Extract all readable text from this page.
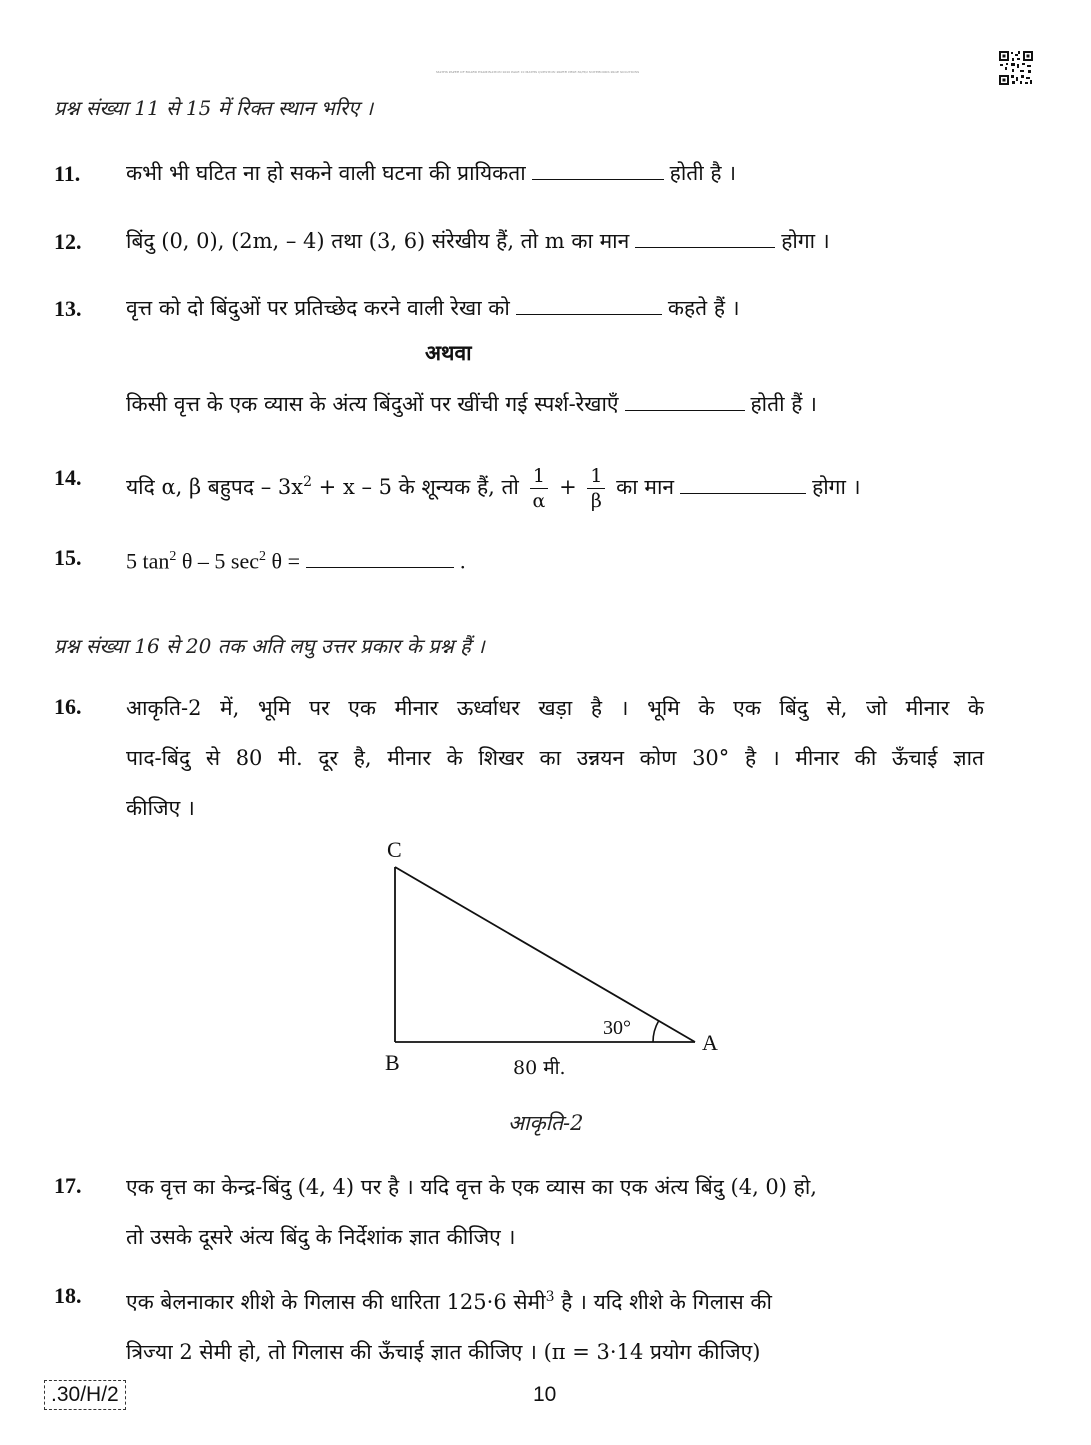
MATHS PAPER OF BOARD EXAMINATION 2020 PAGE 10 MATHS QUESTION PAPER CBSE 30/H/2 NOTEBOOKS PAGE SOLUTIONS
प्रश्न संख्या 11 से 15 में रिक्त स्थान भरिए ।
11. कभी भी घटित ना हो सकने वाली घटना की प्रायिकता	होती है ।
12. बिंदु (0, 0), (2m, – 4) तथा (3, 6) संरेखीय हैं, तो m का मान	होगा ।
13. वृत्त को दो बिंदुओं पर प्रतिच्छेद करने वाली रेखा को	कहते हैं ।
अथवा
किसी वृत्त के एक व्यास के अंत्य बिंदुओं पर खींची गई स्पर्श-रेखाएँ	होती हैं ।
14. यदि α, β बहुपद – $3x^2 + x - 5$ के शून्यक हैं, तो $\frac{1}{\alpha} + \frac{1}{\beta}$ का मान	होगा ।
15. 5 $\tan^2 \theta - 5$ $\sec^2 \theta$ =	.
प्रश्न संख्या 16 से 20 तक अति लघु उत्तर प्रकार के प्रश्न हैं ।
16. आकृति-2 में, भूमि पर एक मीनार ऊर्ध्वाधर खड़ा है । भूमि के एक बिंदु से, जो मीनार के
पाद-बिंदु से 80 मी. दूर है, मीनार के शिखर का उन्नयन कोण 30° है । मीनार की ऊँचाई ज्ञात
कीजिए ।
C
B
A
30°
80 मी.
आकृति-2
17. एक वृत्त का केन्द्र-बिंदु (4, 4) पर है । यदि वृत्त के एक व्यास का एक अंत्य बिंदु (4, 0) हो,
तो उसके दूसरे अंत्य बिंदु के निर्देशांक ज्ञात कीजिए ।
18. एक बेलनाकार शीशे के गिलास की धारिता 125·6 सेमी$^3$ है । यदि शीशे के गिलास की
त्रिज्या 2 सेमी हो, तो गिलास की ऊँचाई ज्ञात कीजिए । (π = 3·14 प्रयोग कीजिए)
.30/H/2	10
